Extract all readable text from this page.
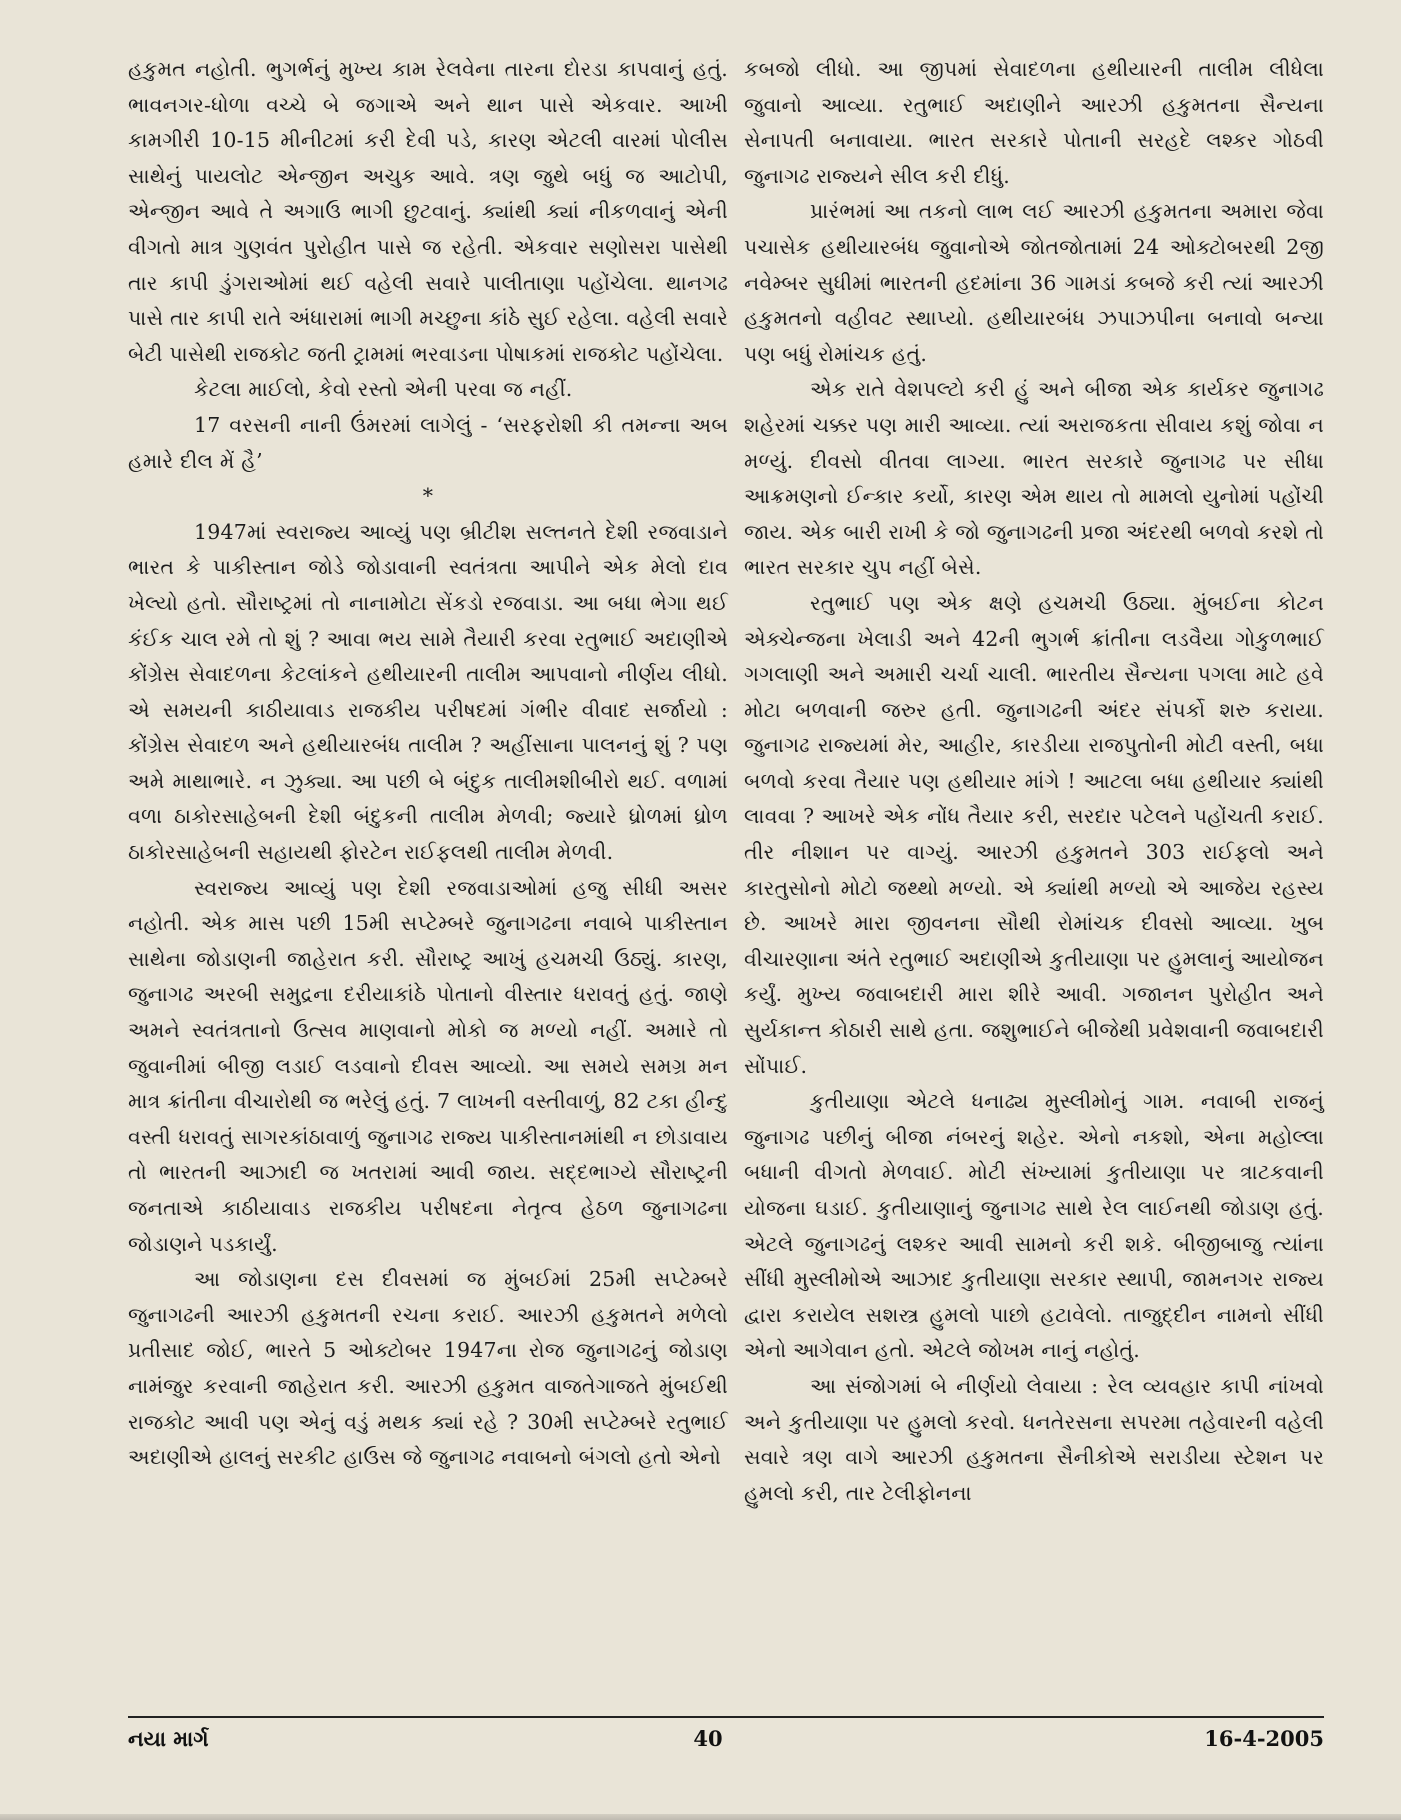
હકુમત નહોતી. ભુગર્ભનું મુખ્ય કામ રેલવેના તારના દોરડા કાપવાનું હતું. ભાવનગર-ધોળા વચ્ચે બે જગાએ અને થાન પાસે એકવાર. આખી કામગીરી 10-15 મીનીટમાં કરી દેવી પડે, કારણ એટલી વારમાં પોલીસ સાથેનું પાયલોટ એન્જીન અચુક આવે. ત્રણ જુથે બધું જ આટોપી, એન્જીન આવે તે અગાઉ ભાગી છુટવાનું. ક્યાંથી ક્યાં નીકળવાનું એની વીગતો માત્ર ગુણવંત પુરોહીત પાસે જ રહેતી. એકવાર સણોસરા પાસેથી તાર કાપી ડુંગરાઓમાં થઈ વહેલી સવારે પાલીતાણા પહોંચેલા. થાનગઢ પાસે તાર કાપી રાતે અંધારામાં ભાગી મચ્છુના કાંઠે સુઈ રહેલા. વહેલી સવારે બેટી પાસેથી રાજકોટ જતી ટ્રામમાં ભરવાડના પોષાકમાં રાજકોટ પહોંચેલા.

કેટલા માઈલો, કેવો રસ્તો એની પરવા જ નહીં.

17 વરસની નાની ઉંમરમાં લાગેલું - ‘સરફરોશી કી તમન્ના અબ હમારે દીલ મેં હૈ’

*

1947માં સ્વરાજ્ય આવ્યું પણ બ્રીટીશ સલ્તનતે દેશી રજવાડાને ભારત કે પાકીસ્તાન જોડે જોડાવાની સ્વતંત્રતા આપીને એક મેલો દાવ ખેલ્યો હતો. સૌરાષ્ટ્રમાં તો નાનામોટા સેંકડો રજવાડા. આ બધા ભેગા થઈ કંઈક ચાલ રમે તો શું ? આવા ભય સામે તૈયારી કરવા રતુભાઈ અદાણીએ કોંગ્રેસ સેવાદળના કેટલાંકને હથીયારની તાલીમ આપવાનો નીર્ણય લીધો. એ સમયની કાઠીયાવાડ રાજકીય પરીષદમાં ગંભીર વીવાદ સર્જાયો : કોંગ્રેસ સેવાદળ અને હથીયારબંધ તાલીમ ? અહીંસાના પાલનનું શું ? પણ અમે માથાભારે. ન ઝુક્યા. આ પછી બે બંદુક તાલીમશીબીરો થઈ. વળામાં વળા ઠાકોરસાહેબની દેશી બંદુકની તાલીમ મેળવી; જ્યારે ધ્રોળમાં ધ્રોળ ઠાકોરસાહેબની સહાયથી ફોરટેન રાઈફલથી તાલીમ મેળવી.

સ્વરાજ્ય આવ્યું પણ દેશી રજવાડાઓમાં હજુ સીધી અસર નહોતી. એક માસ પછી 15મી સપ્ટેમ્બરે જુનાગઢના નવાબે પાકીસ્તાન સાથેના જોડાણની જાહેરાત કરી. સૌરાષ્ટ્ર આખું હચમચી ઉઠ્યું. કારણ, જુનાગઢ અરબી સમુદ્રના દરીયાકાંઠે પોતાનો વીસ્તાર ધરાવતું હતું. જાણે અમને સ્વતંત્રતાનો ઉત્સવ માણવાનો મોકો જ મળ્યો નહીં. અમારે તો જુવાનીમાં બીજી લડાઈ લડવાનો દીવસ આવ્યો. આ સમયે સમગ્ર મન માત્ર ક્રાંતીના વીચારોથી જ ભરેલું હતું. 7 લાખની વસ્તીવાળું, 82 ટકા હીન્દુ વસ્તી ધરાવતું સાગરકાંઠાવાળું જુનાગઢ રાજ્ય પાકીસ્તાનમાંથી ન છોડાવાય તો ભારતની આઝાદી જ ખતરામાં આવી જાય. સદ્દભાગ્યે સૌરાષ્ટ્રની જનતાએ કાઠીયાવાડ રાજકીય પરીષદના નેતૃત્વ હેઠળ જુનાગઢના જોડાણને પડકાર્યું.

આ જોડાણના દસ દીવસમાં જ મુંબઈમાં 25મી સપ્ટેમ્બરે જુનાગઢની આરઝી હકુમતની રચના કરાઈ. આરઝી હકુમતને મળેલો પ્રતીસાદ જોઈ, ભારતે 5 ઓક્ટોબર 1947ના રોજ જુનાગઢનું જોડાણ નામંજુર કરવાની જાહેરાત કરી. આરઝી હકુમત વાજતેગાજતે મુંબઈથી રાજકોટ આવી પણ એનું વડું મથક ક્યાં રહે ? 30મી સપ્ટેમ્બરે રતુભાઈ અદાણીએ હાલનું સરકીટ હાઉસ જે જુનાગઢ નવાબનો બંગલો હતો એનો

કબજો લીધો. આ જીપમાં સેવાદળના હથીયારની તાલીમ લીધેલા જુવાનો આવ્યા. રતુભાઈ અદાણીને આરઝી હકુમતના સૈન્યના સેનાપતી બનાવાયા. ભારત સરકારે પોતાની સરહદે લશ્કર ગોઠવી જુનાગઢ રાજ્યને સીલ કરી દીધું.

પ્રારંભમાં આ તકનો લાભ લઈ આરઝી હકુમતના અમારા જેવા પચાસેક હથીયારબંધ જુવાનોએ જોતજોતામાં 24 ઓક્ટોબરથી 2જી નવેમ્બર સુધીમાં ભારતની હદમાંના 36 ગામડાં કબજે કરી ત્યાં આરઝી હકુમતનો વહીવટ સ્થાપ્યો. હથીયારબંધ ઝપાઝપીના બનાવો બન્યા પણ બધું રોમાંચક હતું.

એક રાતે વેશપલ્ટો કરી હું અને બીજા એક કાર્યકર જુનાગઢ શહેરમાં ચક્કર પણ મારી આવ્યા. ત્યાં અરાજકતા સીવાય કશું જોવા ન મળ્યું. દીવસો વીતવા લાગ્યા. ભારત સરકારે જુનાગઢ પર સીધા આક્રમણનો ઈન્કાર કર્યો, કારણ એમ થાય તો મામલો યુનોમાં પહોંચી જાય. એક બારી રાખી કે જો જુનાગઢની પ્રજા અંદરથી બળવો કરશે તો ભારત સરકાર ચુપ નહીં બેસે.

રતુભાઈ પણ એક ક્ષણે હચમચી ઉઠ્યા. મુંબઈના કોટન એક્ચેન્જના ખેલાડી અને 42ની ભુગર્ભ ક્રાંતીના લડવૈયા ગોકુળભાઈ ગગલાણી અને અમારી ચર્ચા ચાલી. ભારતીય સૈન્યના પગલા માટે હવે મોટા બળવાની જરુર હતી. જુનાગઢની અંદર સંપર્કો શરુ કરાયા. જુનાગઢ રાજ્યમાં મેર, આહીર, કારડીયા રાજપુતોની મોટી વસ્તી, બધા બળવો કરવા તૈયાર પણ હથીયાર માંગે ! આટલા બધા હથીયાર ક્યાંથી લાવવા ? આખરે એક નોંધ તૈયાર કરી, સરદાર પટેલને પહોંચતી કરાઈ. તીર નીશાન પર વાગ્યું. આરઝી હકુમતને 303 રાઈફલો અને કારતુસોનો મોટો જથ્થો મળ્યો. એ ક્યાંથી મળ્યો એ આજેય રહસ્ય છે. આખરે મારા જીવનના સૌથી રોમાંચક દીવસો આવ્યા. ખુબ વીચારણાના અંતે રતુભાઈ અદાણીએ કુતીયાણા પર હુમલાનું આયોજન કર્યું. મુખ્ય જવાબદારી મારા શીરે આવી. ગજાનન પુરોહીત અને સુર્યકાન્ત કોઠારી સાથે હતા. જશુભાઈને બીજેથી પ્રવેશવાની જવાબદારી સોંપાઈ.

કુતીયાણા એટલે ધનાઢ્ય મુસ્લીમોનું ગામ. નવાબી રાજનું જુનાગઢ પછીનું બીજા નંબરનું શહેર. એનો નકશો, એના મહોલ્લા બધાની વીગતો મેળવાઈ. મોટી સંખ્યામાં કુતીયાણા પર ત્રાટકવાની યોજના ઘડાઈ. કુતીયાણાનું જુનાગઢ સાથે રેલ લાઈનથી જોડાણ હતું. એટલે જુનાગઢનું લશ્કર આવી સામનો કરી શકે. બીજીબાજુ ત્યાંના સીંધી મુસ્લીમોએ આઝાદ કુતીયાણા સરકાર સ્થાપી, જામનગર રાજ્ય દ્વારા કરાયેલ સશસ્ત્ર હુમલો પાછો હટાવેલો. તાજુદ્દીન નામનો સીંધી એનો આગેવાન હતો. એટલે જોખમ નાનું નહોતું.

આ સંજોગમાં બે નીર્ણયો લેવાયા : રેલ વ્યવહાર કાપી નાંખવો અને કુતીયાણા પર હુમલો કરવો. ધનતેરસના સપરમા તહેવારની વહેલી સવારે ત્રણ વાગે આરઝી હકુમતના સૈનીકોએ સરાડીયા સ્ટેશન પર હુમલો કરી, તાર ટેલીફોનના

નયા માર્ગ	40	16-4-2005
